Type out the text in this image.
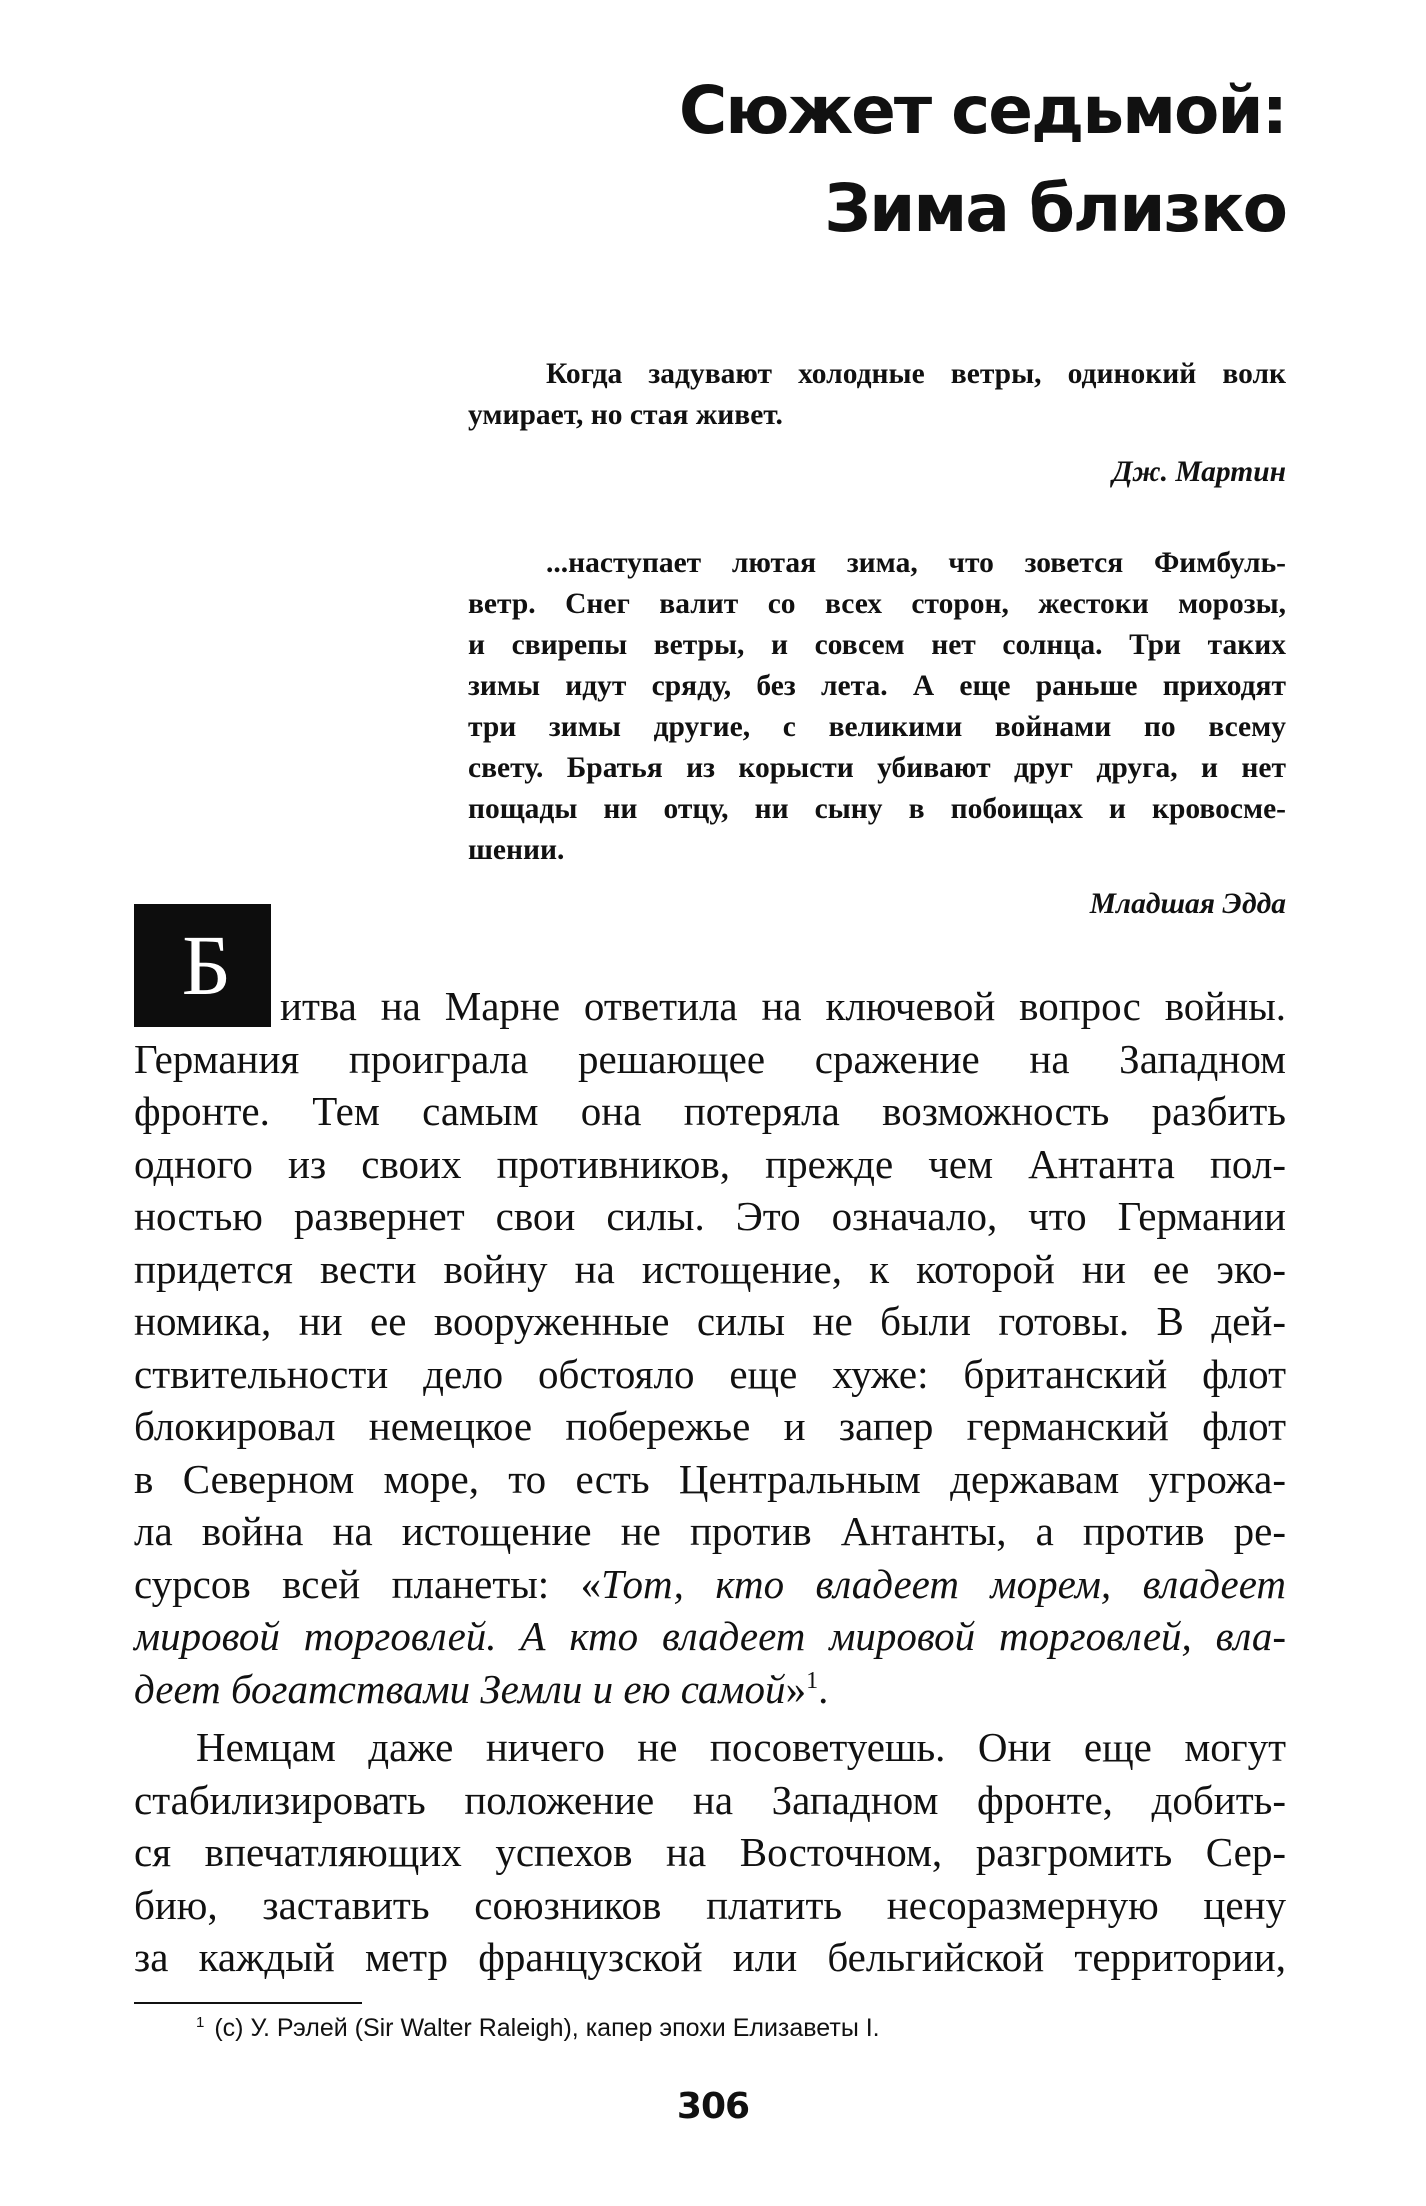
Сюжет седьмой:
Зима близко
Когда задувают холодные ветры, одинокий волк
умирает, но стая живет.
Дж. Мартин
...наступает лютая зима, что зовется Фимбуль-
ветр. Снег валит со всех сторон, жестоки морозы,
и свирепы ветры, и совсем нет солнца. Три таких
зимы идут сряду, без лета. А еще раньше приходят
три зимы другие, с великими войнами по всему
свету. Братья из корысти убивают друг друга, и нет
пощады ни отцу, ни сыну в побоищах и кровосме-
шении.
Младшая Эдда
Б	итва на Марне ответила на ключевой вопрос войны.
Германия проиграла решающее сражение на Западном
фронте. Тем самым она потеряла возможность разбить
одного из своих противников, прежде чем Антанта пол-
ностью развернет свои силы. Это означало, что Германии
придется вести войну на истощение, к которой ни ее эко-
номика, ни ее вооруженные силы не были готовы. В дей-
ствительности дело обстояло еще хуже: британский флот
блокировал немецкое побережье и запер германский флот
в Северном море, то есть Центральным державам угрожа-
ла война на истощение не против Антанты, а против ре-
сурсов всей планеты: «Тот, кто владеет морем, владеет
мировой торговлей. А кто владеет мировой торговлей, вла-
деет богатствами Земли и ею самой»$^1$.
Немцам даже ничего не посоветуешь. Они еще могут
стабилизировать положение на Западном фронте, добить-
ся впечатляющих успехов на Восточном, разгромить Сер-
бию, заставить союзников платить несоразмерную цену
за каждый метр французской или бельгийской территории,
$^1$ (с) У. Рэлей (Sir Walter Raleigh), капер эпохи Елизаветы I.
306
